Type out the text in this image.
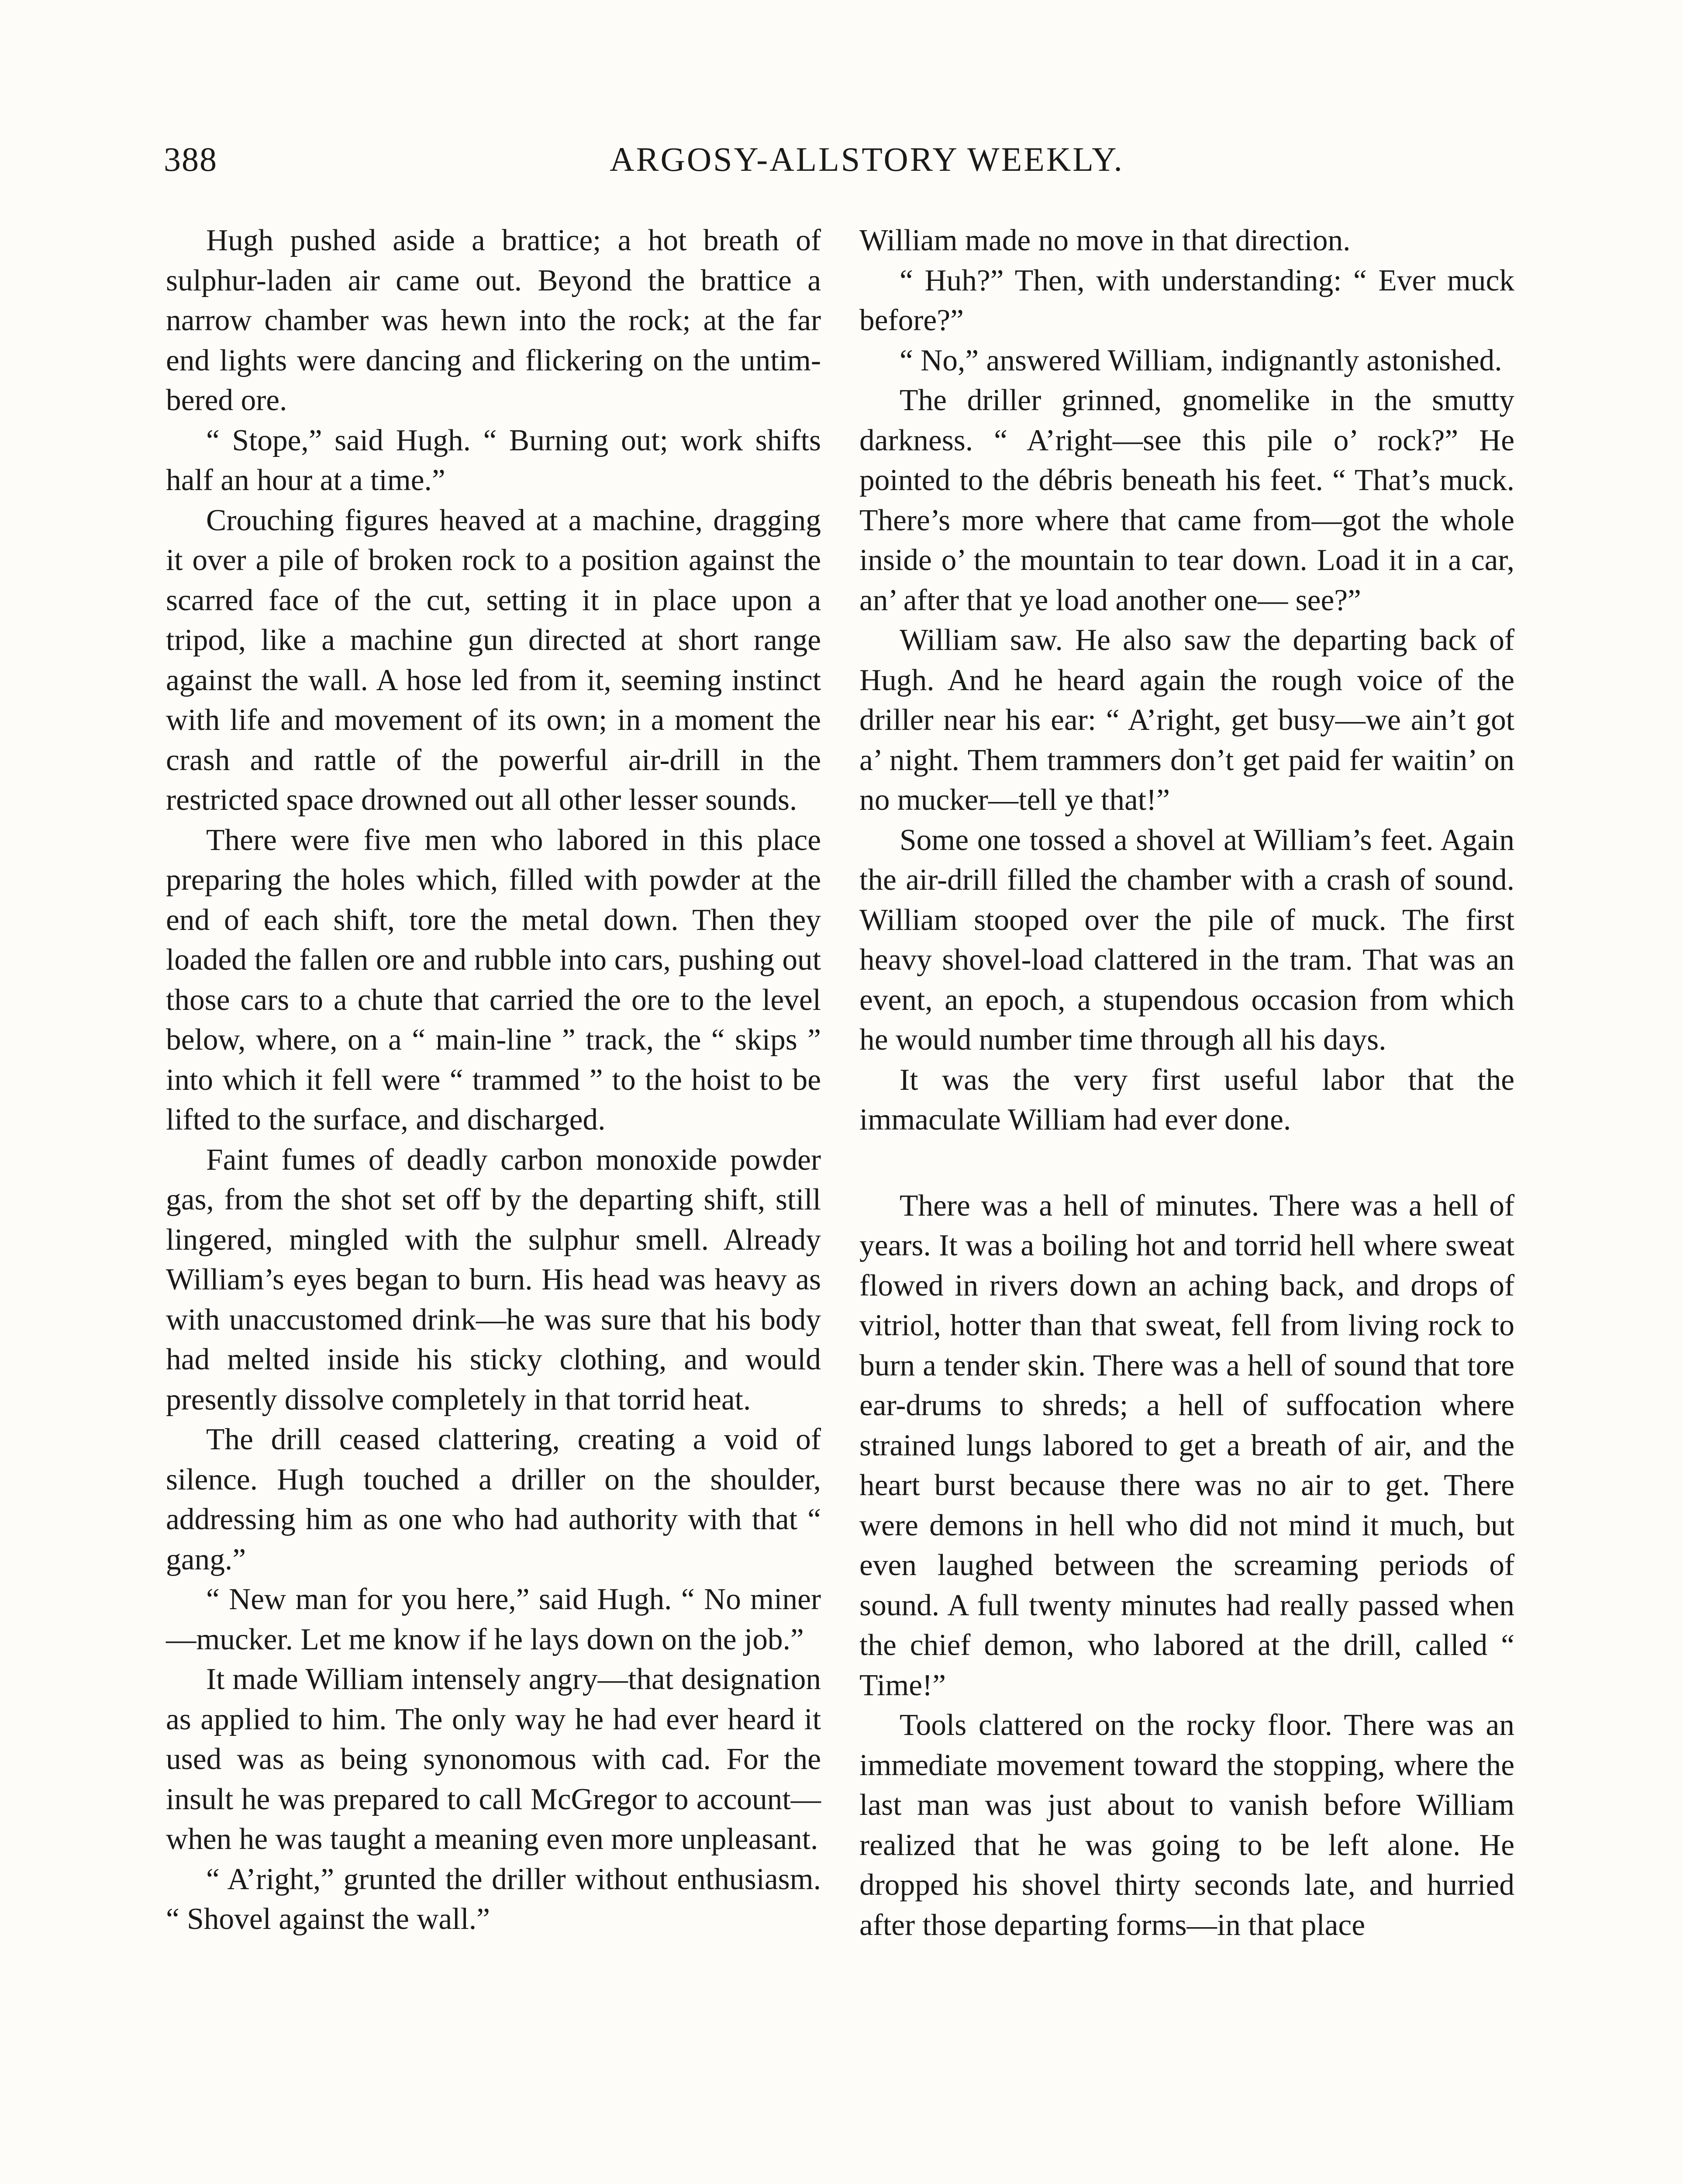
388	ARGOSY-ALLSTORY WEEKLY.

Hugh pushed aside a brattice; a hot breath of sulphur-laden air came out. Beyond the brattice a narrow chamber was hewn into the rock; at the far end lights were dancing and flickering on the untimbered ore.

“ Stope,” said Hugh. “ Burning out; work shifts half an hour at a time.”

Crouching figures heaved at a machine, dragging it over a pile of broken rock to a position against the scarred face of the cut, setting it in place upon a tripod, like a machine gun directed at short range against the wall. A hose led from it, seeming instinct with life and movement of its own; in a moment the crash and rattle of the powerful air-drill in the restricted space drowned out all other lesser sounds.

There were five men who labored in this place preparing the holes which, filled with powder at the end of each shift, tore the metal down. Then they loaded the fallen ore and rubble into cars, pushing out those cars to a chute that carried the ore to the level below, where, on a “ main-line ” track, the “ skips ” into which it fell were “ trammed ” to the hoist to be lifted to the surface, and discharged.

Faint fumes of deadly carbon monoxide powder gas, from the shot set off by the departing shift, still lingered, mingled with the sulphur smell. Already William’s eyes began to burn. His head was heavy as with unaccustomed drink—he was sure that his body had melted inside his sticky clothing, and would presently dissolve completely in that torrid heat.

The drill ceased clattering, creating a void of silence. Hugh touched a driller on the shoulder, addressing him as one who had authority with that “ gang.”

“ New man for you here,” said Hugh. “ No miner—mucker. Let me know if he lays down on the job.”

It made William intensely angry—that designation as applied to him. The only way he had ever heard it used was as being synonomous with cad. For the insult he was prepared to call McGregor to account—when he was taught a meaning even more unpleasant.

“ A’right,” grunted the driller without enthusiasm. “ Shovel against the wall.”

William made no move in that direction.

“ Huh?” Then, with understanding: “ Ever muck before?”

“ No,” answered William, indignantly astonished.

The driller grinned, gnomelike in the smutty darkness. “ A’right—see this pile o’ rock?” He pointed to the débris beneath his feet. “ That’s muck. There’s more where that came from—got the whole inside o’ the mountain to tear down. Load it in a car, an’ after that ye load another one— see?”

William saw. He also saw the departing back of Hugh. And he heard again the rough voice of the driller near his ear: “ A’right, get busy—we ain’t got a’ night. Them trammers don’t get paid fer waitin’ on no mucker—tell ye that!”

Some one tossed a shovel at William’s feet. Again the air-drill filled the chamber with a crash of sound. William stooped over the pile of muck. The first heavy shovel-load clattered in the tram. That was an event, an epoch, a stupendous occasion from which he would number time through all his days.

It was the very first useful labor that the immaculate William had ever done.

There was a hell of minutes. There was a hell of years. It was a boiling hot and torrid hell where sweat flowed in rivers down an aching back, and drops of vitriol, hotter than that sweat, fell from living rock to burn a tender skin. There was a hell of sound that tore ear-drums to shreds; a hell of suffocation where strained lungs labored to get a breath of air, and the heart burst because there was no air to get. There were demons in hell who did not mind it much, but even laughed between the screaming periods of sound. A full twenty minutes had really passed when the chief demon, who labored at the drill, called “ Time!”

Tools clattered on the rocky floor. There was an immediate movement toward the stopping, where the last man was just about to vanish before William realized that he was going to be left alone. He dropped his shovel thirty seconds late, and hurried after those departing forms—in that place
